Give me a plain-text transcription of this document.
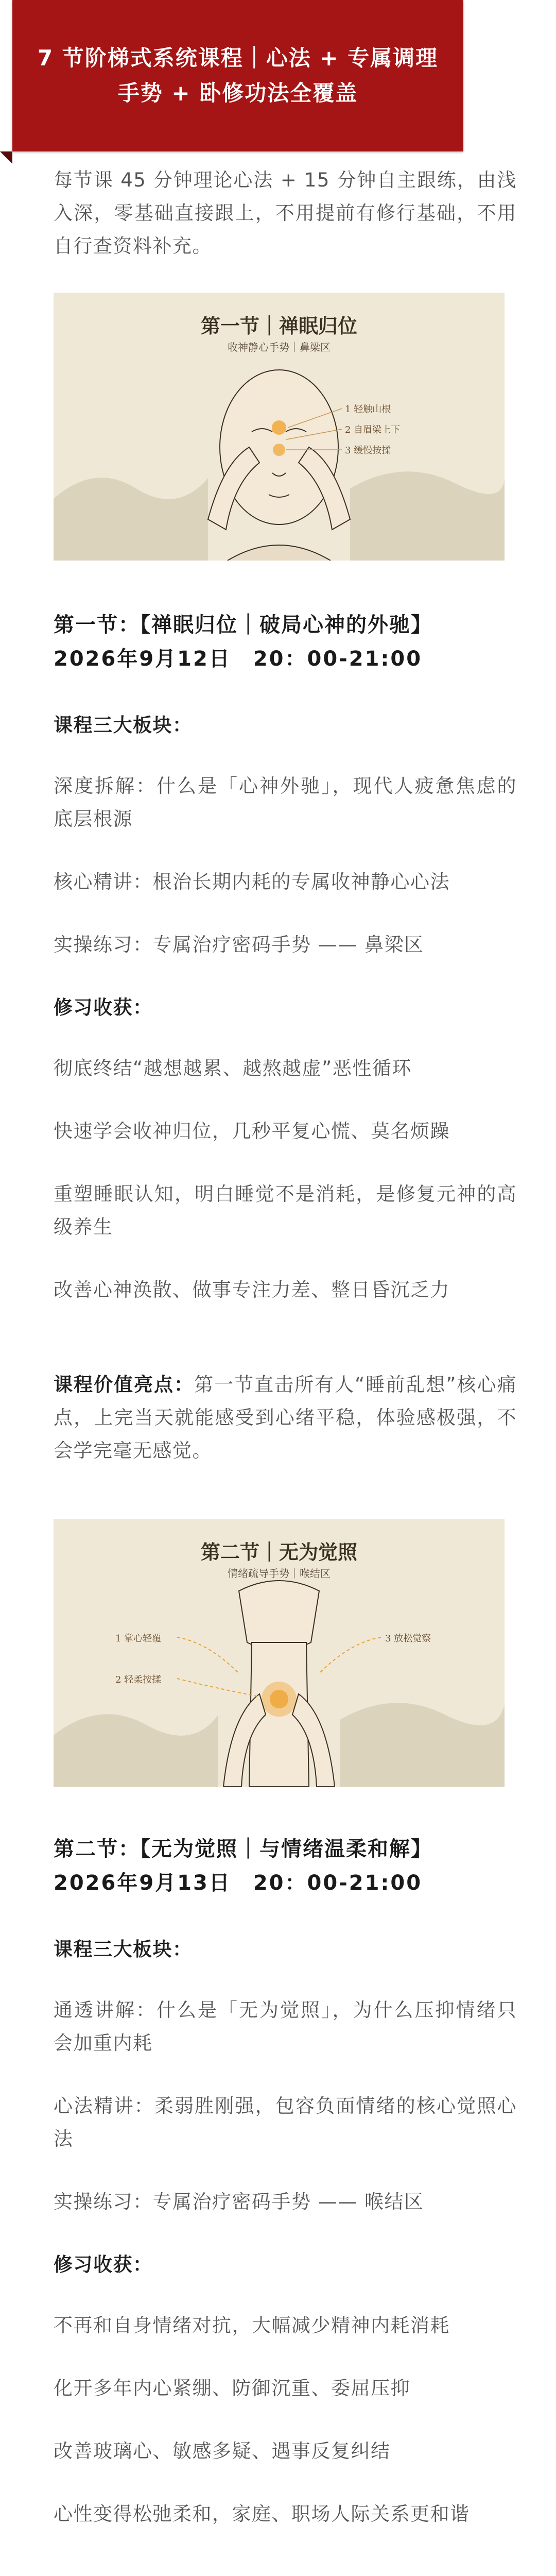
7 节阶梯式系统课程｜心法 + 专属调理手势 + 卧修功法全覆盖

每节课 45 分钟理论心法 + 15 分钟自主跟练，由浅入深，零基础直接跟上，不用提前有修行基础，不用自行查资料补充。

第一节｜禅眠归位
收神静心手势｜鼻梁区
1 轻触山根
2 自眉梁上下
3 缓慢按揉
第一节：【禅眠归位｜破局心神的外驰】
2026年9月12日　20：00-21:00
课程三大板块：

深度拆解：什么是「心神外驰」，现代人疲惫焦虑的底层根源

核心精讲：根治长期内耗的专属收神静心心法

实操练习：专属治疗密码手势 —— 鼻梁区

修习收获：

彻底终结“越想越累、越熬越虚”恶性循环

快速学会收神归位，几秒平复心慌、莫名烦躁

重塑睡眠认知，明白睡觉不是消耗，是修复元神的高级养生

改善心神涣散、做事专注力差、整日昏沉乏力

课程价值亮点：第一节直击所有人“睡前乱想”核心痛点，上完当天就能感受到心绪平稳，体验感极强，不会学完毫无感觉。

第二节｜无为觉照
情绪疏导手势｜喉结区
1 掌心轻覆
2 轻柔按揉
3 放松觉察
第二节：【无为觉照｜与情绪温柔和解】
2026年9月13日　20：00-21:00
课程三大板块：

通透讲解：什么是「无为觉照」，为什么压抑情绪只会加重内耗

心法精讲：柔弱胜刚强，包容负面情绪的核心觉照心法

实操练习：专属治疗密码手势 —— 喉结区

修习收获：

不再和自身情绪对抗，大幅减少精神内耗消耗

化开多年内心紧绷、防御沉重、委屈压抑

改善玻璃心、敏感多疑、遇事反复纠结

心性变得松弛柔和，家庭、职场人际关系更和谐
